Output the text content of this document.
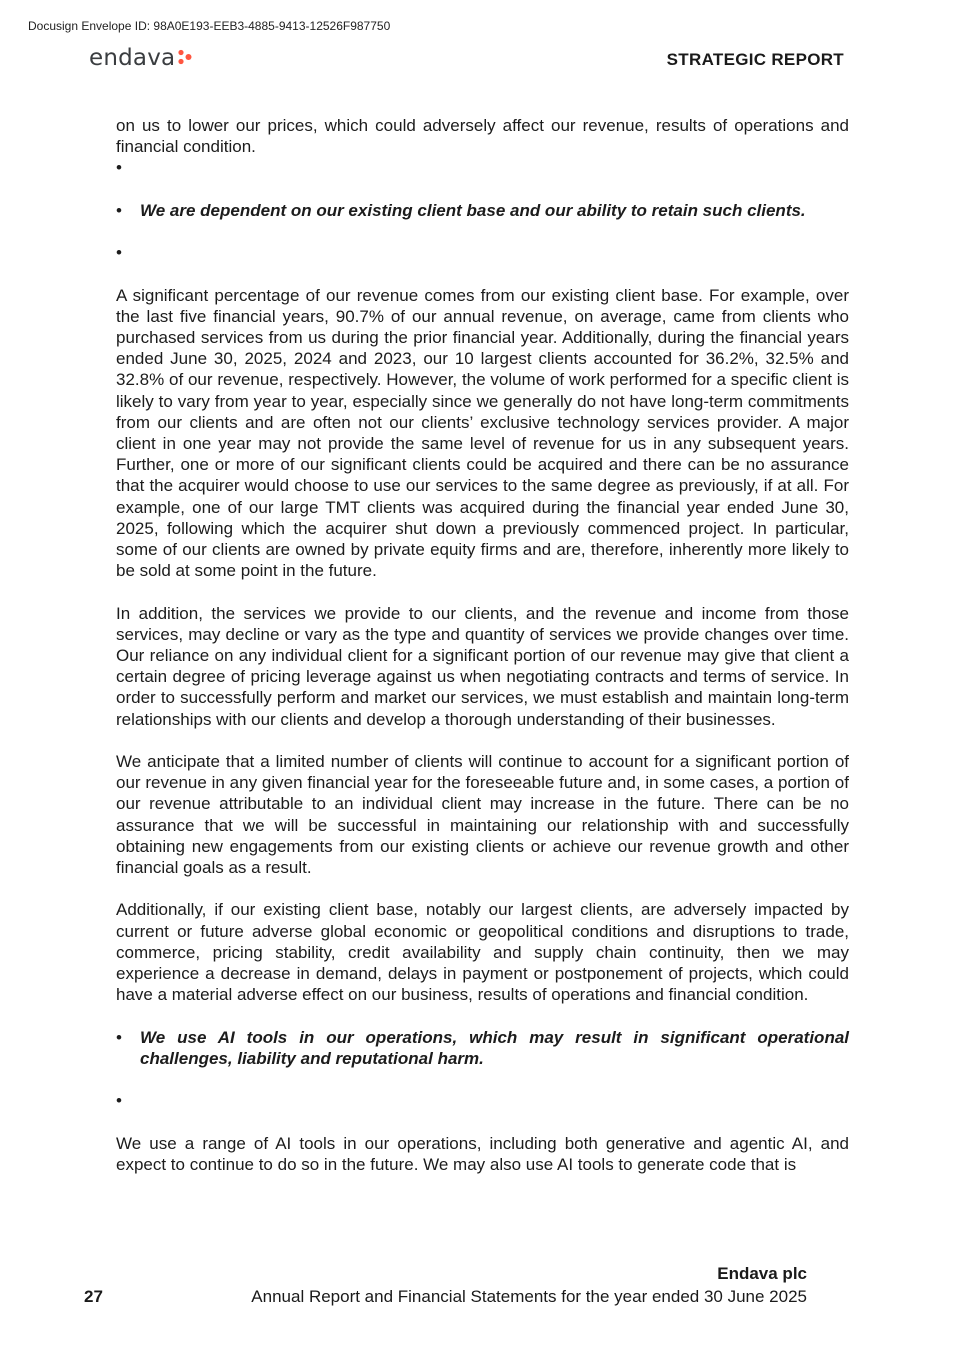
Docusign Envelope ID: 98A0E193-EEB3-4885-9413-12526F987750
endava	STRATEGIC REPORT

on us to lower our prices, which could adversely affect our revenue, results of operations and financial condition.

•
• We are dependent on our existing client base and our ability to retain such clients.
•

A significant percentage of our revenue comes from our existing client base. For example, over the last five financial years, 90.7% of our annual revenue, on average, came from clients who purchased services from us during the prior financial year. Additionally, during the financial years ended June 30, 2025, 2024 and 2023, our 10 largest clients accounted for 36.2%, 32.5% and 32.8% of our revenue, respectively. However, the volume of work performed for a specific client is likely to vary from year to year, especially since we generally do not have long-term commitments from our clients and are often not our clients’ exclusive technology services provider. A major client in one year may not provide the same level of revenue for us in any subsequent years. Further, one or more of our significant clients could be acquired and there can be no assurance that the acquirer would choose to use our services to the same degree as previously, if at all. For example, one of our large TMT clients was acquired during the financial year ended June 30, 2025, following which the acquirer shut down a previously commenced project. In particular, some of our clients are owned by private equity firms and are, therefore, inherently more likely to be sold at some point in the future.

In addition, the services we provide to our clients, and the revenue and income from those services, may decline or vary as the type and quantity of services we provide changes over time. Our reliance on any individual client for a significant portion of our revenue may give that client a certain degree of pricing leverage against us when negotiating contracts and terms of service. In order to successfully perform and market our services, we must establish and maintain long-term relationships with our clients and develop a thorough understanding of their businesses.

We anticipate that a limited number of clients will continue to account for a significant portion of our revenue in any given financial year for the foreseeable future and, in some cases, a portion of our revenue attributable to an individual client may increase in the future. There can be no assurance that we will be successful in maintaining our relationship with and successfully obtaining new engagements from our existing clients or achieve our revenue growth and other financial goals as a result.

Additionally, if our existing client base, notably our largest clients, are adversely impacted by current or future adverse global economic or geopolitical conditions and disruptions to trade, commerce, pricing stability, credit availability and supply chain continuity, then we may experience a decrease in demand, delays in payment or postponement of projects, which could have a material adverse effect on our business, results of operations and financial condition.

• We use AI tools in our operations, which may result in significant operational challenges, liability and reputational harm.
•

We use a range of AI tools in our operations, including both generative and agentic AI, and expect to continue to do so in the future. We may also use AI tools to generate code that is

Endava plc
27	Annual Report and Financial Statements for the year ended 30 June 2025
